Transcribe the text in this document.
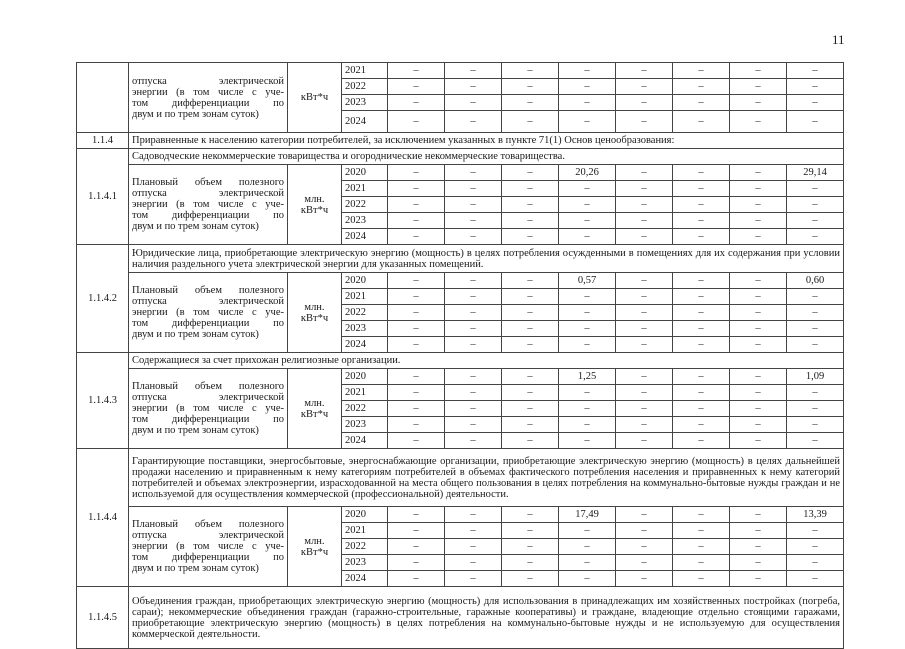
11

	отпуска электрической
энергии (в том числе с уче-
том дифференциации по
двум и по трем зонам суток)	кВт*ч	2021	–	–	–	–	–	–	–	–
			2022	–	–	–	–	–	–	–	–
			2023	–	–	–	–	–	–	–	–
			2024	–	–	–	–	–	–	–	–
1.1.4	Приравненные к населению категории потребителей, за исключением указанных в пункте 71(1) Основ ценообразования:										
1.1.4.1	Садоводческие некоммерческие товарищества и огороднические некоммерческие товарищества.										

	Плановый объем полезного
отпуска электрической
энергии (в том числе с уче-
том дифференциации по
двум и по трем зонам суток)	млн. кВт*ч	2020	–	–	–	20,26	–	–	–	29,14
			2021	–	–	–	–	–	–	–	–
			2022	–	–	–	–	–	–	–	–
			2023	–	–	–	–	–	–	–	–
			2024	–	–	–	–	–	–	–	–
1.1.4.2	Юридические лица, приобретающие электрическую энергию (мощность) в целях потребления осужденными в помещениях для их содержания при условии наличия раздельного учета электрической энергии для указанных помещений.										

	Плановый объем полезного
отпуска электрической
энергии (в том числе с уче-
том дифференциации по
двум и по трем зонам суток)	млн. кВт*ч	2020	–	–	–	0,57	–	–	–	0,60
			2021	–	–	–	–	–	–	–	–
			2022	–	–	–	–	–	–	–	–
			2023	–	–	–	–	–	–	–	–
			2024	–	–	–	–	–	–	–	–
1.1.4.3	Содержащиеся за счет прихожан религиозные организации.										

	Плановый объем полезного
отпуска электрической
энергии (в том числе с уче-
том дифференциации по
двум и по трем зонам суток)	млн. кВт*ч	2020	–	–	–	1,25	–	–	–	1,09
			2021	–	–	–	–	–	–	–	–
			2022	–	–	–	–	–	–	–	–
			2023	–	–	–	–	–	–	–	–
			2024	–	–	–	–	–	–	–	–
1.1.4.4	Гарантирующие поставщики, энергосбытовые, энергоснабжающие организации, приобретающие электрическую энергию (мощность) в целях дальнейшей продажи населению и приравненным к нему категориям потребителей в объемах фактического потребления населения и приравненных к нему категорий потребителей и объемах электроэнергии, израсходованной на места общего пользования в целях потребления на коммунально-бытовые нужды граждан и не используемой для осуществления коммерческой (профессиональной) деятельности.										

	Плановый объем полезного
отпуска электрической
энергии (в том числе с уче-
том дифференциации по
двум и по трем зонам суток)	млн. кВт*ч	2020	–	–	–	17,49	–	–	–	13,39
			2021	–	–	–	–	–	–	–	–
			2022	–	–	–	–	–	–	–	–
			2023	–	–	–	–	–	–	–	–
			2024	–	–	–	–	–	–	–	–
1.1.4.5	Объединения граждан, приобретающих электрическую энергию (мощность) для использования в принадлежащих им хозяйственных постройках (погреба, сараи); некоммерческие объединения граждан (гаражно-строительные, гаражные кооперативы) и граждане, владеющие отдельно стоящими гаражами, приобретающие электрическую энергию (мощность) в целях потребления на коммунально-бытовые нужды и не используемую для осуществления коммерческой деятельности.										
